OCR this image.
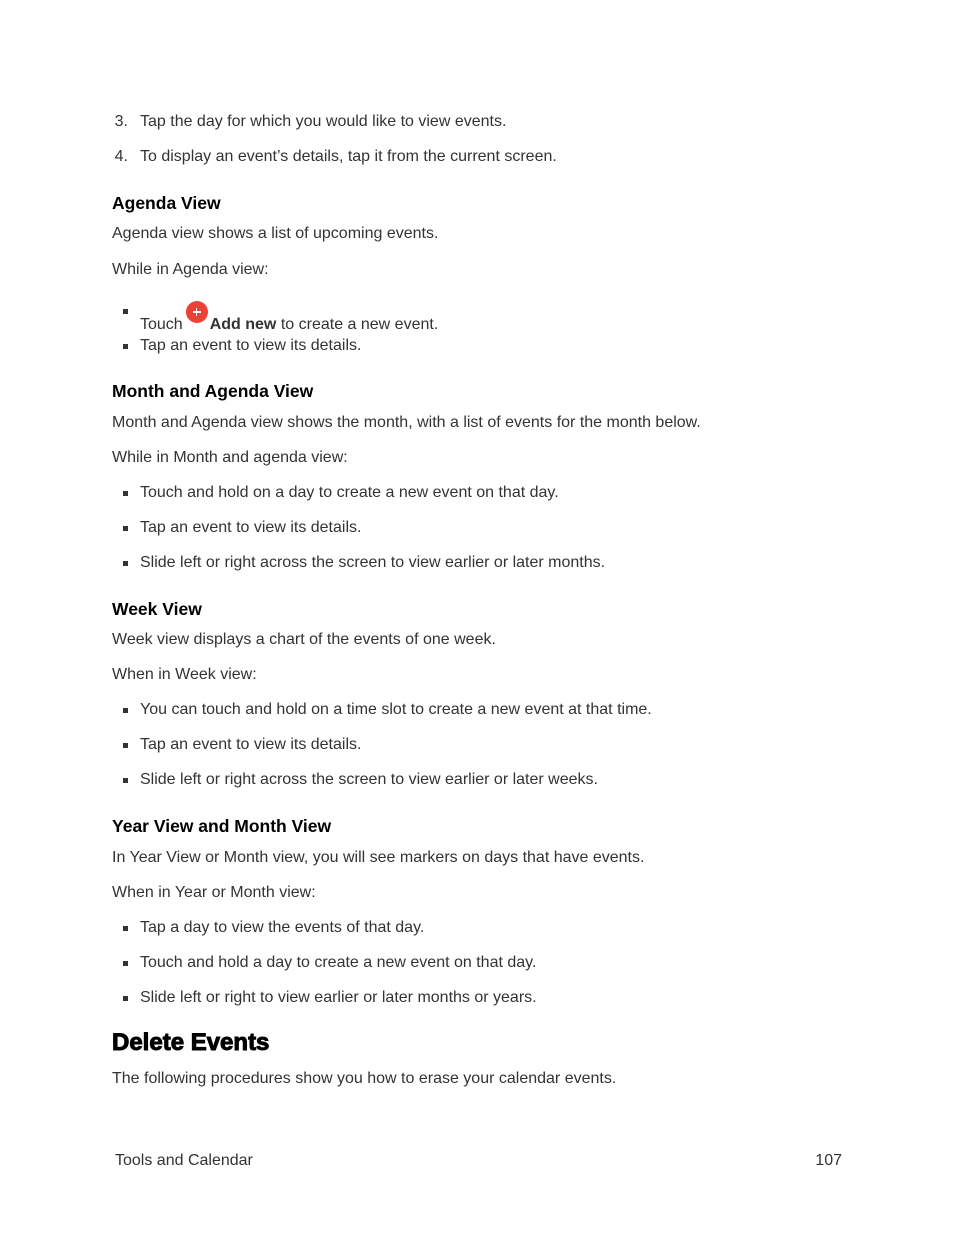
3. Tap the day for which you would like to view events.
4. To display an event’s details, tap it from the current screen.
Agenda View
Agenda view shows a list of upcoming events.
While in Agenda view:
Touch Add new to create a new event.
Tap an event to view its details.
Month and Agenda View
Month and Agenda view shows the month, with a list of events for the month below.
While in Month and agenda view:
Touch and hold on a day to create a new event on that day.
Tap an event to view its details.
Slide left or right across the screen to view earlier or later months.
Week View
Week view displays a chart of the events of one week.
When in Week view:
You can touch and hold on a time slot to create a new event at that time.
Tap an event to view its details.
Slide left or right across the screen to view earlier or later weeks.
Year View and Month View
In Year View or Month view, you will see markers on days that have events.
When in Year or Month view:
Tap a day to view the events of that day.
Touch and hold a day to create a new event on that day.
Slide left or right to view earlier or later months or years.
Delete Events
The following procedures show you how to erase your calendar events.
Tools and Calendar	107
